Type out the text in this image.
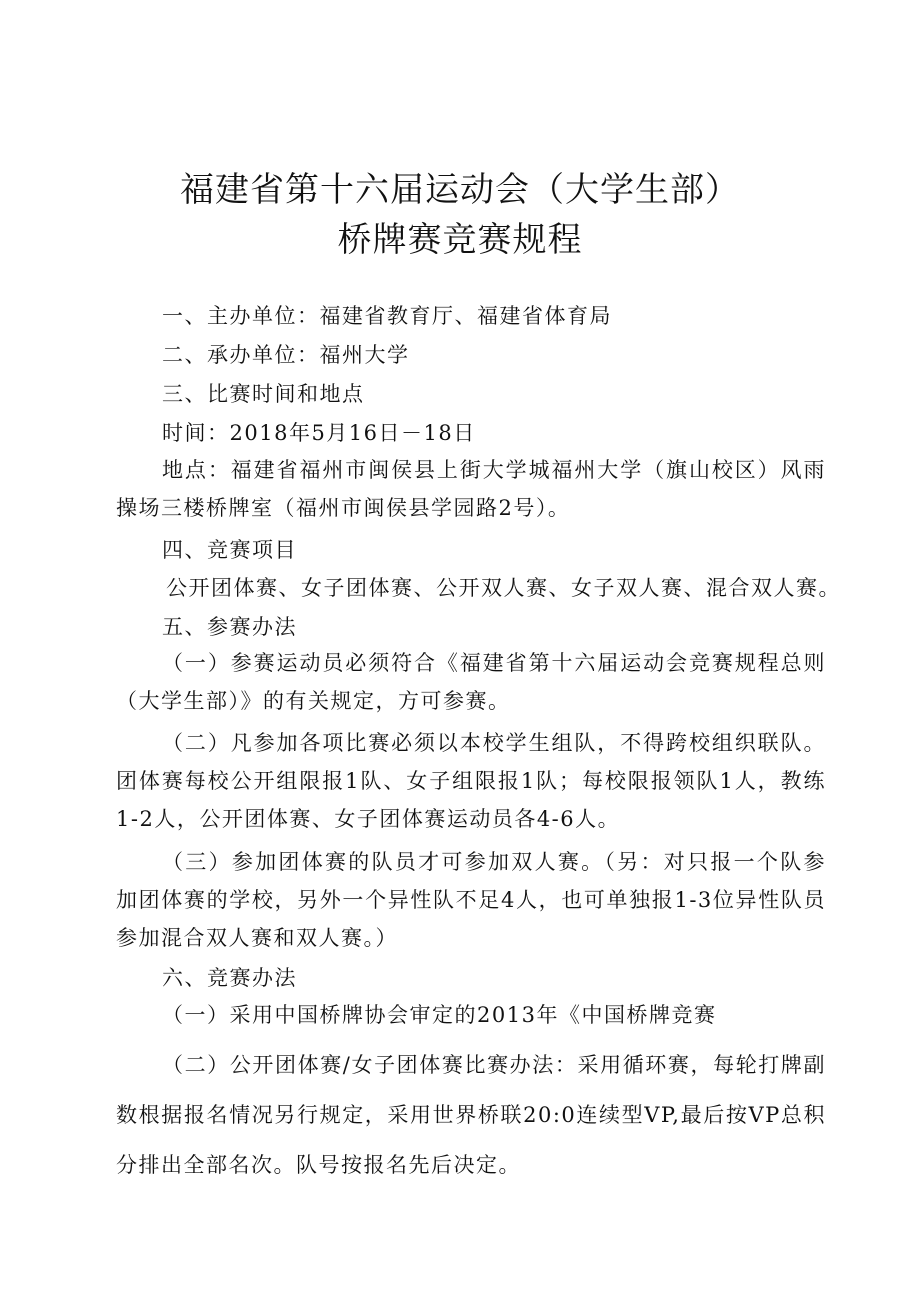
福建省第十六届运动会（大学生部）
桥牌赛竞赛规程
一、主办单位：福建省教育厅、福建省体育局
二、承办单位：福州大学
三、比赛时间和地点
时间：2018年5月16日－18日
地点：福建省福州市闽侯县上街大学城福州大学（旗山校区）风雨操场三楼桥牌室（福州市闽侯县学园路2号）。
四、竞赛项目
公开团体赛、女子团体赛、公开双人赛、女子双人赛、混合双人赛。
五、参赛办法
（一）参赛运动员必须符合《福建省第十六届运动会竞赛规程总则（大学生部）》的有关规定，方可参赛。
（二）凡参加各项比赛必须以本校学生组队，不得跨校组织联队。团体赛每校公开组限报1队、女子组限报1队；每校限报领队1人，教练1-2人，公开团体赛、女子团体赛运动员各4-6人。
（三）参加团体赛的队员才可参加双人赛。（另：对只报一个队参加团体赛的学校，另外一个异性队不足4人，也可单独报1-3位异性队员参加混合双人赛和双人赛。）
六、竞赛办法
（一）采用中国桥牌协会审定的2013年《中国桥牌竞赛
（二）公开团体赛/女子团体赛比赛办法：采用循环赛，每轮打牌副数根据报名情况另行规定，采用世界桥联20:0连续型VP,最后按VP总积分排出全部名次。队号按报名先后决定。
